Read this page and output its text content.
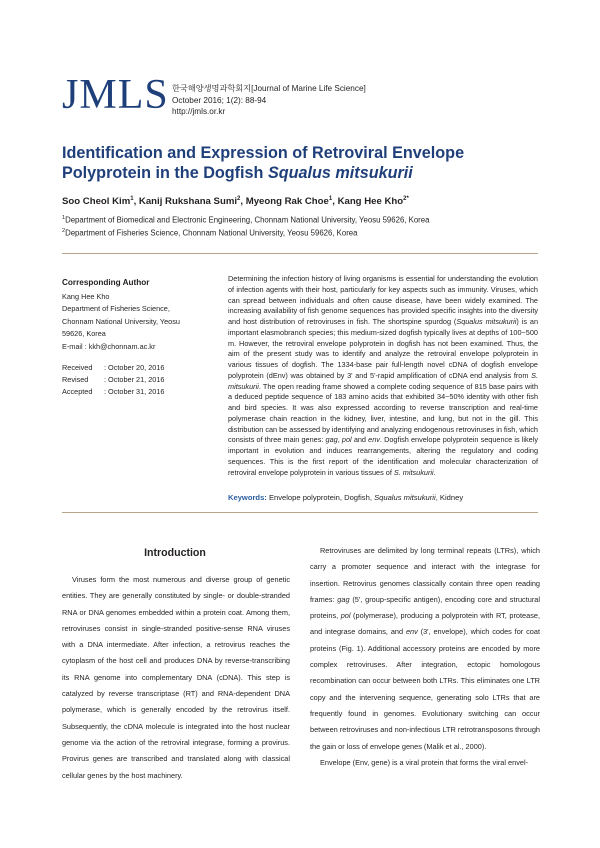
JMLS 한국해양생명과학회지[Journal of Marine Life Science]
October 2016; 1(2): 88-94
http://jmls.or.kr
Identification and Expression of Retroviral Envelope Polyprotein in the Dogfish Squalus mitsukurii
Soo Cheol Kim$^1$, Kanij Rukshana Sumi$^2$, Myeong Rak Choe$^1$, Kang Hee Kho$^{2*}$
$^1$Department of Biomedical and Electronic Engineering, Chonnam National University, Yeosu 59626, Korea
$^2$Department of Fisheries Science, Chonnam National University, Yeosu 59626, Korea
Corresponding Author
Kang Hee Kho
Department of Fisheries Science,
Chonnam National University, Yeosu
59626, Korea
E-mail : kkh@chonnam.ac.kr
Received : October 20, 2016
Revised : October 21, 2016
Accepted : October 31, 2016
Determining the infection history of living organisms is essential for understanding the evolution of infection agents with their host, particularly for key aspects such as immunity. Viruses, which can spread between individuals and often cause disease, have been widely examined. The increasing availability of fish genome sequences has provided specific insights into the diversity and host distribution of retroviruses in fish. The shortspine spurdog (Squalus mitsukurii) is an important elasmobranch species; this medium-sized dogfish typically lives at depths of 100~500 m. However, the retroviral envelope polyprotein in dogfish has not been examined. Thus, the aim of the present study was to identify and analyze the retroviral envelope polyprotein in various tissues of dogfish. The 1334-base pair full-length novel cDNA of dogfish envelope polyprotein (dEnv) was obtained by 3' and 5'-rapid amplification of cDNA end analysis from S. mitsukurii. The open reading frame showed a complete coding sequence of 815 base pairs with a deduced peptide sequence of 183 amino acids that exhibited 34~50% identity with other fish and bird species. It was also expressed according to reverse transcription and real-time polymerase chain reaction in the kidney, liver, intestine, and lung, but not in the gill. This distribution can be assessed by identifying and analyzing endogenous retroviruses in fish, which consists of three main genes: gag, pol and env. Dogfish envelope polyprotein sequence is likely important in evolution and induces rearrangements, altering the regulatory and coding sequences. This is the first report of the identification and molecular characterization of retroviral envelope polyprotein in various tissues of S. mitsukurii.
Keywords: Envelope polyprotein, Dogfish, Squalus mitsukurii, Kidney
Introduction

Viruses form the most numerous and diverse group of genetic entities. They are generally constituted by single- or double-stranded RNA or DNA genomes embedded within a protein coat. Among them, retroviruses consist in single-stranded positive-sense RNA viruses with a DNA intermediate. After infection, a retrovirus reaches the cytoplasm of the host cell and produces DNA by reverse-transcribing its RNA genome into complementary DNA (cDNA). This step is catalyzed by reverse transcriptase (RT) and RNA-dependent DNA polymerase, which is generally encoded by the retrovirus itself. Subsequently, the cDNA molecule is integrated into the host nuclear genome via the action of the retroviral integrase, forming a provirus. Provirus genes are transcribed and translated along with classical cellular genes by the host machinery.

Retroviruses are delimited by long terminal repeats (LTRs), which carry a promoter sequence and interact with the integrase for insertion. Retrovirus genomes classically contain three open reading frames: gag (5', group-specific antigen), encoding core and structural proteins, pol (polymerase), producing a polyprotein with RT, protease, and integrase domains, and env (3', envelope), which codes for coat proteins (Fig. 1). Additional accessory proteins are encoded by more complex retroviruses. After integration, ectopic homologous recombination can occur between both LTRs. This eliminates one LTR copy and the intervening sequence, generating solo LTRs that are frequently found in genomes. Evolutionary switching can occur between retroviruses and non-infectious LTR retrotransposons through the gain or loss of envelope genes (Malik et al., 2000).

Envelope (Env, gene) is a viral protein that forms the viral envel-
